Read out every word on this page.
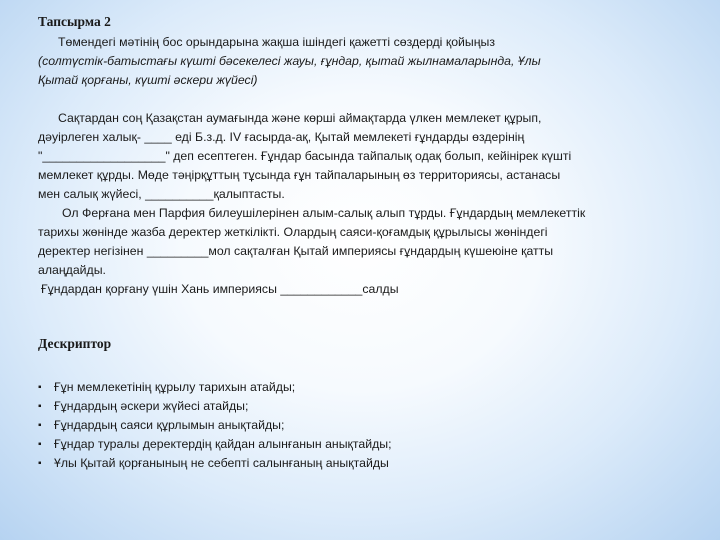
Тапсырма 2

Төмендегі мәтінің бос орындарына жақша ішіндегі қажетті сөздерді қойыңыз

(солтүстік-батыстағы күшті бәсекелесі жауы, ғұндар, қытай жылнамаларында, Ұлы

Қытай қорғаны, күшті әскери жүйесі)

Сақтардан соң Қазақстан аумағында және көрші аймақтарда үлкен мемлекет құрып,

дәуірлеген халық- ____ еді Б.з.д. IV ғасырда-ақ, Қытай мемлекеті ғұндарды өздерінің

"__________________" деп есептеген. Ғұндар басында тайпалық одақ болып, кейінірек күшті

мемлекет құрды. Мөде тәңірқұттың тұсында ғұн тайпаларының өз территориясы, астанасы

мен салық жүйесі, __________қалыптасты.

Ол Ферғана мен Парфия билеушілерінен алым-салық алып тұрды. Ғұндардың мемлекеттік

тарихы жөнінде жазба деректер жеткілікті. Олардың саяси-қоғамдық құрылысы жөніндегі

деректер негізінен _________мол сақталған Қытай империясы ғұндардың күшеюіне қатты

алаңдайды.

Ғұндардан қорғану үшін Хань империясы ____________салды

Дескриптор

▪ Ғұн мемлекетінің құрылу тарихын атайды;
▪ Ғұндардың әскери жүйесі атайды;
▪ Ғұндардың саяси құрлымын анықтайды;
▪ Ғұндар туралы деректердің қайдан алынғанын анықтайды;
▪ Ұлы Қытай қорғанының не себепті салынғаның анықтайды
